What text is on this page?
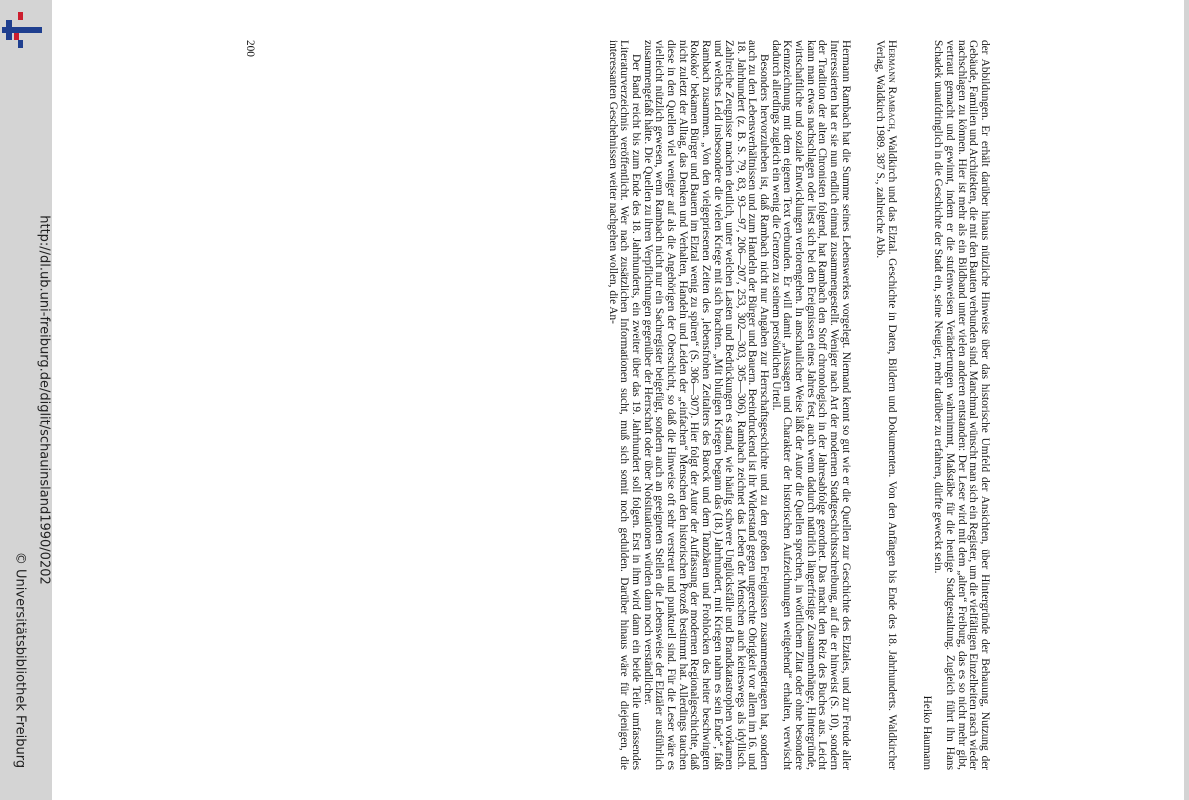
http://dl.ub.uni-freiburg.de/diglit/schauinsland1990/0202
© Universitätsbibliothek Freiburg	der Abbildungen. Er erhält darüber hinaus nützliche Hinweise über das historische Umfeld der Ansichten, über Hintergründe der Behauung, Nutzung der Gebäude, Familien und Architekten, die mit den Bauten verbunden sind. Manchmal wünscht man sich ein Register, um die vielfältigen Einzelheiten rasch wieder nachschlagen zu können. Hier ist mehr als ein Bildband unter vielen anderen entstanden: Der Leser wird mit dem „alten“ Freiburg, das es so nicht mehr gibt, vertraut gemacht und gewinnt, indem er die stufenweisen Veränderungen wahrnimmt, Maßstäbe für die heutige Stadtgestaltung. Zugleich führt ihn Hans Schadek unaufdringlich in die Geschichte der Stadt ein, seine Neugier, mehr darüber zu erfahren, dürfte geweckt sein.

Heiko Haumann

Hermann Rambach, Waldkirch und das Elztal. Geschichte in Daten, Bildern und Dokumenten. Von den Anfängen bis Ende des 18. Jahrhunderts. Waldkircher Verlag, Waldkirch 1989. 387 S., zahlreiche Abb.

Hermann Rambach hat die Summe seines Lebenswerkes vorgelegt. Niemand kennt so gut wie er die Quellen zur Geschichte des Elztales, und zur Freude aller Interessierten hat er sie nun endlich einmal zusammengestellt. Weniger nach Art der modernen Stadtgeschichtsschreibung, auf die er hinweist (S. 10), sondern der Tradition der alten Chronisten folgend, hat Rambach den Stoff chronologisch in der Jahresabfolge geordnet. Das macht den Reiz des Buches aus. Leicht kann man etwas nachschlagen oder liest sich bei den Ereignissen eines Jahres fest, auch wenn dadurch natürlich längerfristige Zusammenhänge, Hintergründe, wirtschaftliche und soziale Entwicklungen verlorengehen. In anschaulicher Weise läßt der Autor die Quellen sprechen, in wörtlichem Zitat oder ohne besondere Kennzeichnung mit dem eigenen Text verbunden. Er will damit „Aussagen und Charakter der historischen Aufzeichnungen weitgehend“ erhalten, verwischt dadurch allerdings zugleich ein wenig die Grenzen zu seinem persönlichen Urteil.

Besonders hervorzuheben ist, daß Rambach nicht nur Angaben zur Herrschaftsgeschichte und zu den großen Ereignissen zusammengetragen hat, sondern auch zu den Lebensverhältnissen und zum Handeln der Bürger und Bauern. Beeindruckend ist ihr Widerstand gegen ungerechte Obrigkeit vor allem im 16. und 18. Jahrhundert (z. B. S. 79, 83, 93—97, 206—207, 253, 302—303, 305—306). Rambach zeichnet das Leben der Menschen auch keineswegs als idyllisch. Zahlreiche Zeugnisse machen deutlich, unter welchen Lasten und Bedrückungen es stand, wie häufig schwere Unglücksfälle und Brandkatastrophen vorkamen und welches Leid insbesondere die vielen Kriege mit sich brachten. „Mit blutigen Kriegen begann das (18.) Jahrhundert, mit Kriegen nahm es sein Ende“, faßt Rambach zusammen. „Von den vielgepriesenen Zeiten des ‚lebensfrohen Zeitalters des Barock und dem Tanzbären und Frohlocken des heiter beschwingten Rokoko‘ bekamen Bürger und Bauern im Elztal wenig zu spüren“ (S. 306—307). Hier folgt der Autor der Auffassung der modernen Regionalgeschichte, daß nicht zuletzt der Alltag, das Denken und Verhalten, Handeln und Leiden der „einfachen“ Menschen den historischen Prozeß bestimmt hat. Allerdings tauchen diese in den Quellen viel weniger auf als die Angehörigen der Oberschicht, so daß die Hinweise oft sehr verstreut und punktuell sind. Für die Leser wäre es vielleicht nützlich gewesen, wenn Rambach nicht nur ein Sachregister beigefügt, sondern auch an geeigneten Stellen die Lebensweise der Elztäler ausführlich zusammengefaßt hätte. Die Quellen zu ihren Verpflichtungen gegenüber der Herrschaft oder über Notsituationen würden dann noch verständlicher.

Der Band reicht bis zum Ende des 18. Jahrhunderts, ein zweiter über das 19. Jahrhundert soll folgen. Erst in ihm wird dann ein beide Teile umfassendes Literaturverzeichnis veröffentlicht. Wer nach zusätzlichen Informationen sucht, muß sich somit noch gedulden. Darüber hinaus wäre für diejenigen, die interessanten Geschehnissen weiter nachgehen wollen, die An-

200
